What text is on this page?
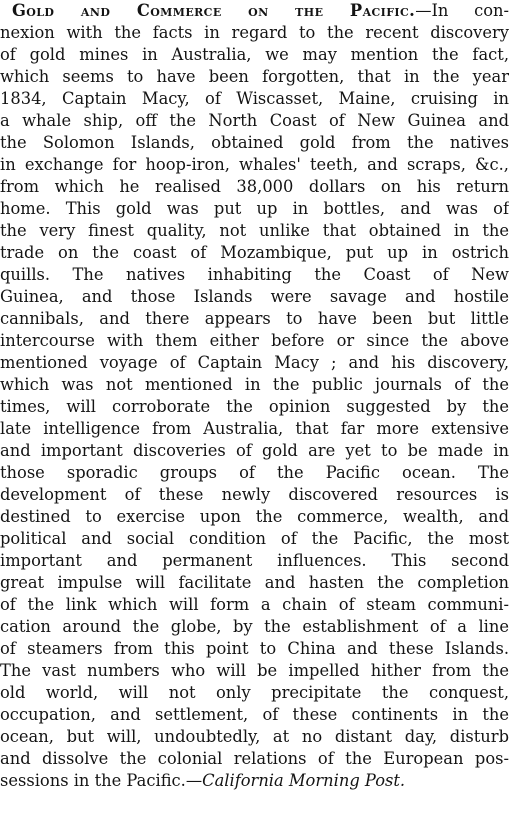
Gold and Commerce on the Pacific.—In con-
nexion with the facts in regard to the recent discovery
of gold mines in Australia, we may mention the fact,
which seems to have been forgotten, that in the year
1834, Captain Macy, of Wiscasset, Maine, cruising in
a whale ship, off the North Coast of New Guinea and
the Solomon Islands, obtained gold from the natives
in exchange for hoop-iron, whales' teeth, and scraps, &c.,
from which he realised 38,000 dollars on his return
home. This gold was put up in bottles, and was of
the very finest quality, not unlike that obtained in the
trade on the coast of Mozambique, put up in ostrich
quills. The natives inhabiting the Coast of New
Guinea, and those Islands were savage and hostile
cannibals, and there appears to have been but little
intercourse with them either before or since the above
mentioned voyage of Captain Macy ; and his discovery,
which was not mentioned in the public journals of the
times, will corroborate the opinion suggested by the
late intelligence from Australia, that far more extensive
and important discoveries of gold are yet to be made in
those sporadic groups of the Pacific ocean. The
development of these newly discovered resources is
destined to exercise upon the commerce, wealth, and
political and social condition of the Pacific, the most
important and permanent influences. This second
great impulse will facilitate and hasten the completion
of the link which will form a chain of steam communi-
cation around the globe, by the establishment of a line
of steamers from this point to China and these Islands.
The vast numbers who will be impelled hither from the
old world, will not only precipitate the conquest,
occupation, and settlement, of these continents in the
ocean, but will, undoubtedly, at no distant day, disturb
and dissolve the colonial relations of the European pos-
sessions in the Pacific.—California Morning Post.
